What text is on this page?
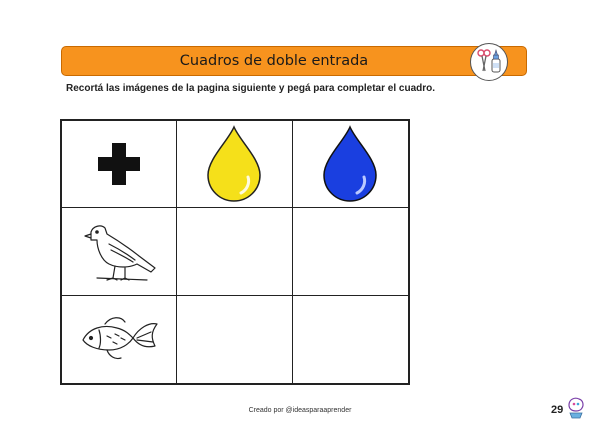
Cuadros de doble entrada
Recortá las imágenes de la pagina siguiente y pegá para completar el cuadro.
Creado por @ideasparaaprender	29
